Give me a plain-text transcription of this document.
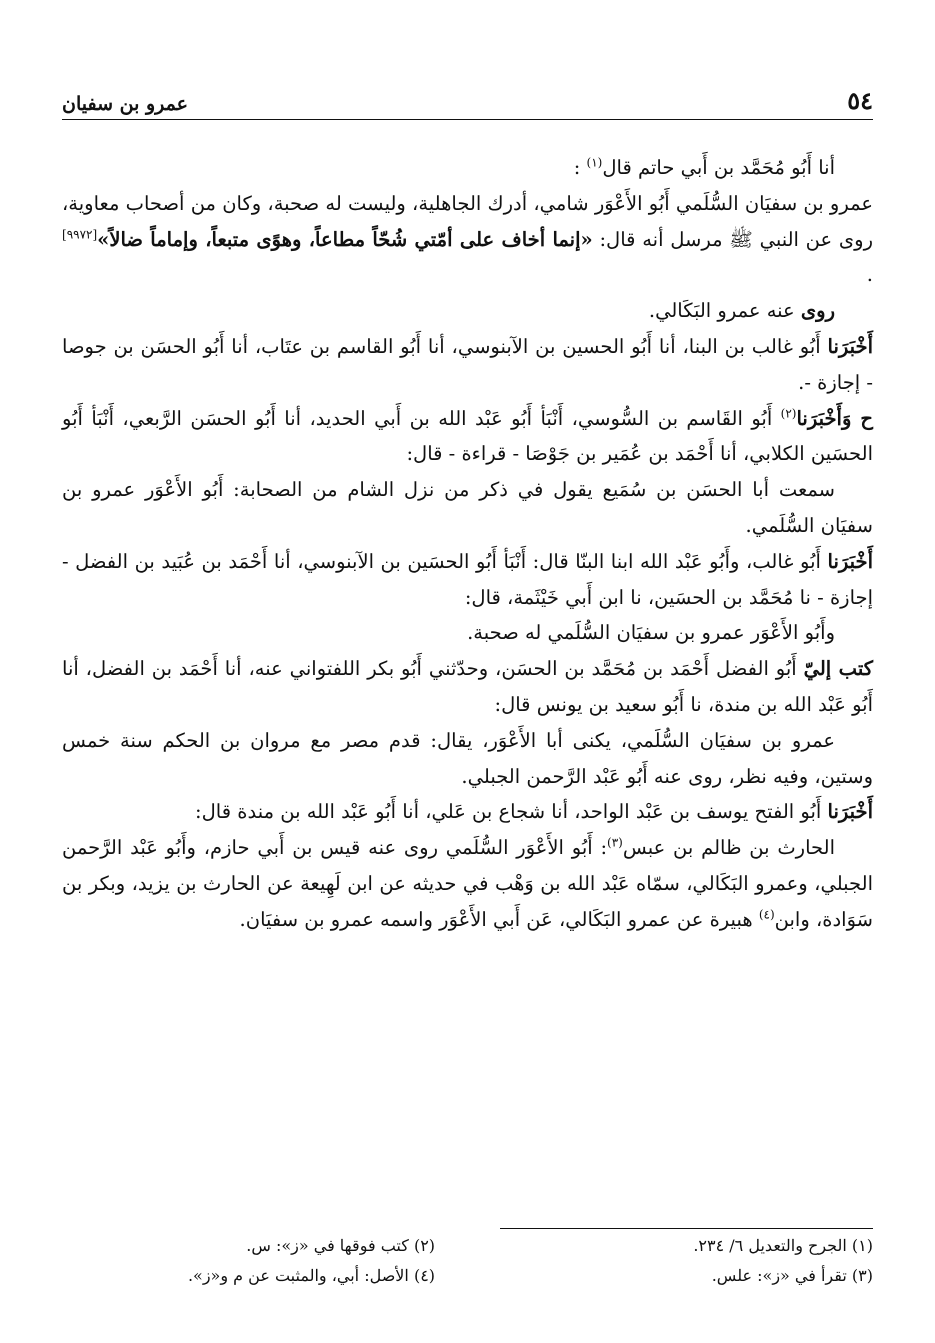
٥٤
عمرو بن سفيان

أنا أَبُو مُحَمَّد بن أَبي حاتم قال$^{(١)}$ :

عمرو بن سفيَان السُّلَمي أَبُو الأَعْوَر شامي، أدرك الجاهلية، وليست له صحبة، وكان من أصحاب معاوية، روى عن النبي ﷺ مرسل أنه قال: «إنما أخاف على أمّتي شُحّاً مطاعاً، وهوًى متبعاً، وإماماً ضالاً»[٩٩٧٢] .

روى عنه عمرو البَكَالي.

أَخْبَرَنا أَبُو غالب بن البنا، أنا أَبُو الحسين بن الآبنوسي، أنا أَبُو القاسم بن عتَاب، أنا أَبُو الحسَن بن جوصا - إجازة -.

ح وَأَخْبَرَنا$^{(٢)}$ أَبُو القَاسم بن السُّوسي، أَنْبَأ أَبُو عَبْد الله بن أَبي الحديد، أنا أَبُو الحسَن الرَّبعي، أَنْبَأ أَبُو الحسَين الكلابي، أنا أَحْمَد بن عُمَير بن جَوْصَا - قراءة - قال:

سمعت أبا الحسَن بن سُمَيع يقول في ذكر من نزل الشام من الصحابة: أَبُو الأَعْوَر عمرو بن سفيَان السُّلَمي.

أَخْبَرَنا أَبُو غالب، وأَبُو عَبْد الله ابنا البنّا قال: أَنْبَأ أَبُو الحسَين بن الآبنوسي، أنا أَحْمَد بن عُبَيد بن الفضل - إجازة - نا مُحَمَّد بن الحسَين، نا ابن أَبي خَيْثَمة، قال:

وأَبُو الأَعْوَر عمرو بن سفيَان السُّلَمي له صحبة.

كتب إليّ أَبُو الفضل أَحْمَد بن مُحَمَّد بن الحسَن، وحدّثني أَبُو بكر اللفتواني عنه، أنا أَحْمَد بن الفضل، أنا أَبُو عَبْد الله بن مندة، نا أَبُو سعيد بن يونس قال:

عمرو بن سفيَان السُّلَمي، يكنى أبا الأَعْوَر، يقال: قدم مصر مع مروان بن الحكم سنة خمس وستين، وفيه نظر، روى عنه أَبُو عَبْد الرَّحمن الجبلي.

أَخْبَرَنا أَبُو الفتح يوسف بن عَبْد الواحد، أنا شجاع بن عَلي، أنا أَبُو عَبْد الله بن مندة قال:

الحارث بن ظالم بن عبس$^{(٣)}$: أَبُو الأَعْوَر السُّلَمي روى عنه قيس بن أَبي حازم، وأَبُو عَبْد الرَّحمن الجبلي، وعمرو البَكَالي، سمّاه عَبْد الله بن وَهْب في حديثه عن ابن لَهِيعة عن الحارث بن يزيد، وبكر بن سَوَادة، وابن$^{(٤)}$ هبيرة عن عمرو البَكَالي، عَن أَبي الأَعْوَر واسمه عمرو بن سفيَان.

(١) الجرح والتعديل ٦/ ٢٣٤.
(٣) تقرأ في «ز»: علس.
(٢) كتب فوقها في «ز»: س.
(٤) الأصل: أبي، والمثبت عن م و«ز».
